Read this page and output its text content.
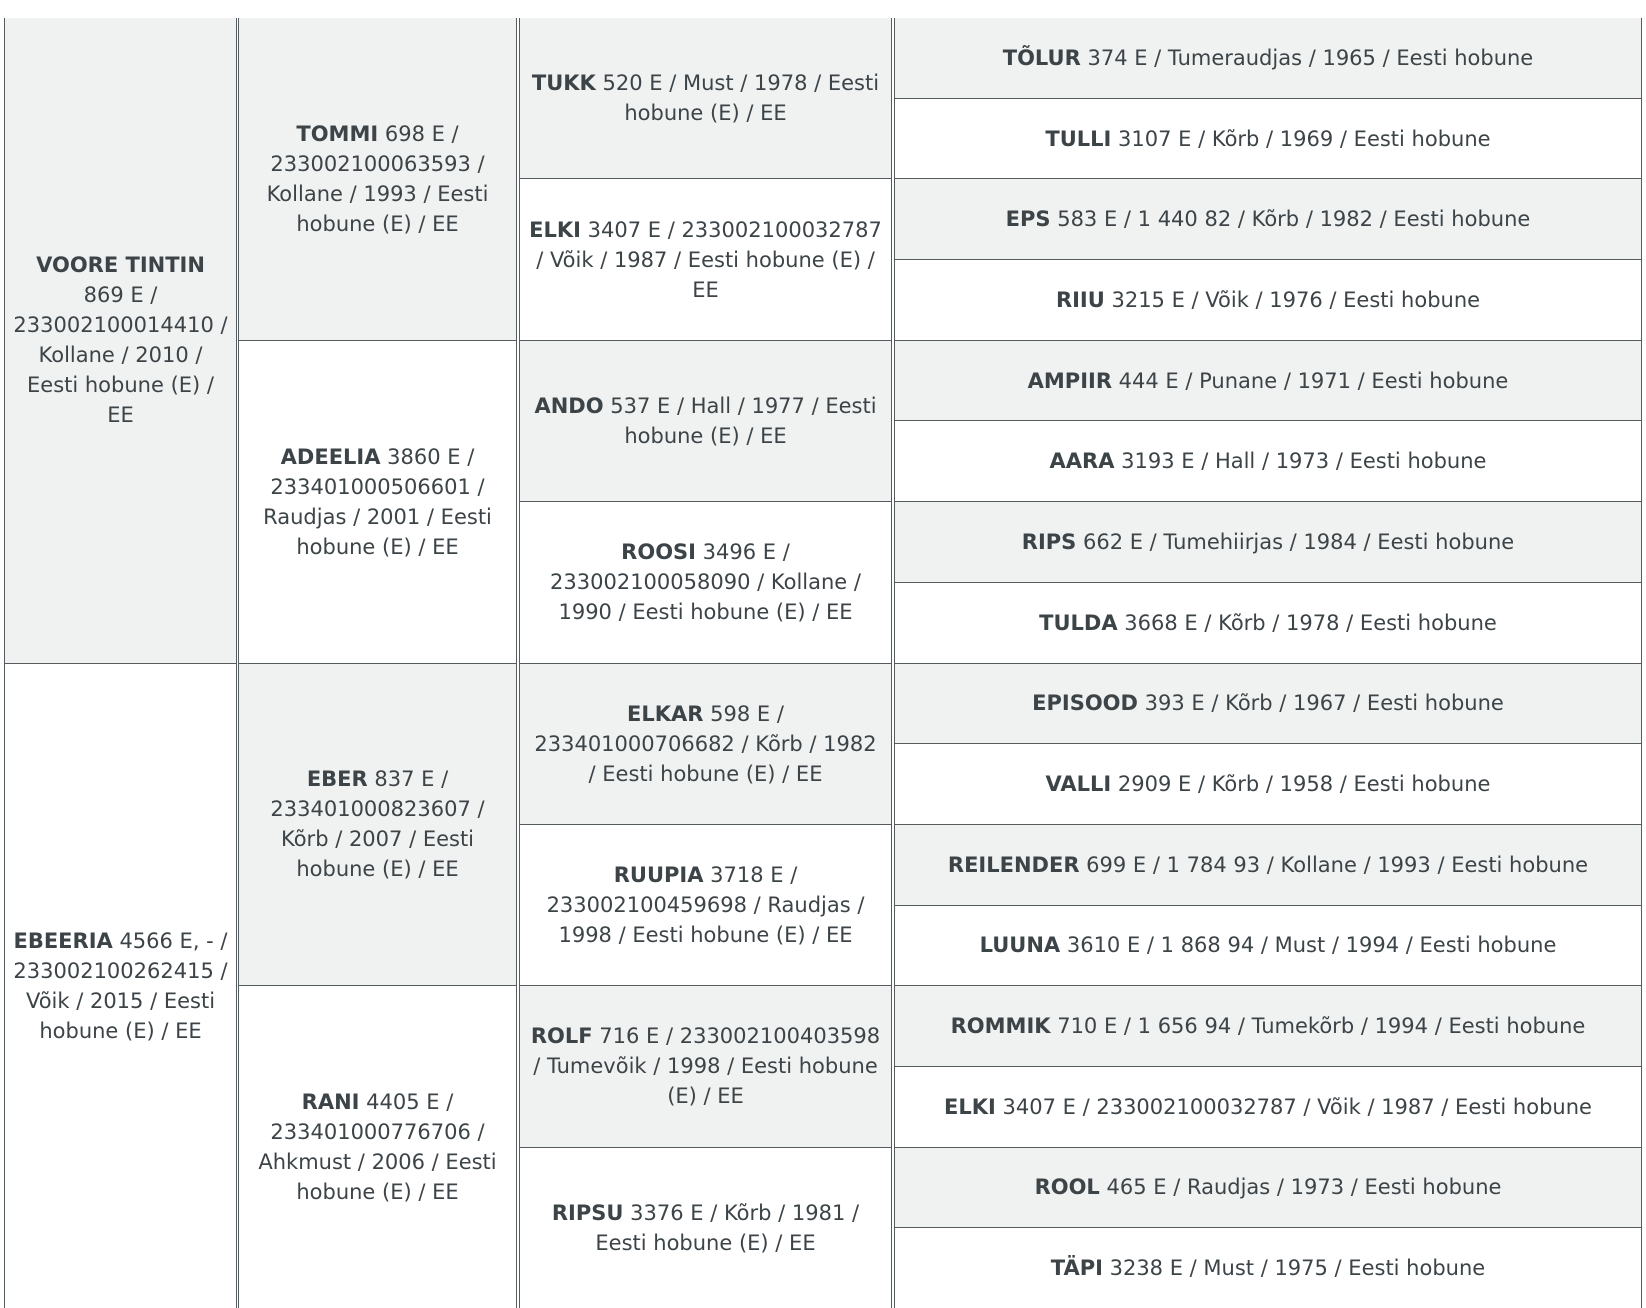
VOORE TINTIN 869 E / 233002100014410 / Kollane / 2010 / Eesti hobune (E) / EE
EBEERIA 4566 E, - / 233002100262415 / Võik / 2015 / Eesti hobune (E) / EE
TOMMI 698 E / 233002100063593 / Kollane / 1993 / Eesti hobune (E) / EE
ADEELIA 3860 E / 233401000506601 / Raudjas / 2001 / Eesti hobune (E) / EE
EBER 837 E / 233401000823607 / Kõrb / 2007 / Eesti hobune (E) / EE
RANI 4405 E / 233401000776706 / Ahkmust / 2006 / Eesti hobune (E) / EE
TUKK 520 E / Must / 1978 / Eesti hobune (E) / EE
ELKI 3407 E / 233002100032787 / Võik / 1987 / Eesti hobune (E) / EE
ANDO 537 E / Hall / 1977 / Eesti hobune (E) / EE
ROOSI 3496 E / 233002100058090 / Kollane / 1990 / Eesti hobune (E) / EE
ELKAR 598 E / 233401000706682 / Kõrb / 1982 / Eesti hobune (E) / EE
RUUPIA 3718 E / 233002100459698 / Raudjas / 1998 / Eesti hobune (E) / EE
ROLF 716 E / 233002100403598 / Tumevõik / 1998 / Eesti hobune (E) / EE
RIPSU 3376 E / Kõrb / 1981 / Eesti hobune (E) / EE
TÕLUR 374 E / Tumeraudjas / 1965 / Eesti hobune
TULLI 3107 E / Kõrb / 1969 / Eesti hobune
EPS 583 E / 1 440 82 / Kõrb / 1982 / Eesti hobune
RIIU 3215 E / Võik / 1976 / Eesti hobune
AMPIIR 444 E / Punane / 1971 / Eesti hobune
AARA 3193 E / Hall / 1973 / Eesti hobune
RIPS 662 E / Tumehiirjas / 1984 / Eesti hobune
TULDA 3668 E / Kõrb / 1978 / Eesti hobune
EPISOOD 393 E / Kõrb / 1967 / Eesti hobune
VALLI 2909 E / Kõrb / 1958 / Eesti hobune
REILENDER 699 E / 1 784 93 / Kollane / 1993 / Eesti hobune
LUUNA 3610 E / 1 868 94 / Must / 1994 / Eesti hobune
ROMMIK 710 E / 1 656 94 / Tumekõrb / 1994 / Eesti hobune
ELKI 3407 E / 233002100032787 / Võik / 1987 / Eesti hobune
ROOL 465 E / Raudjas / 1973 / Eesti hobune
TÄPI 3238 E / Must / 1975 / Eesti hobune
